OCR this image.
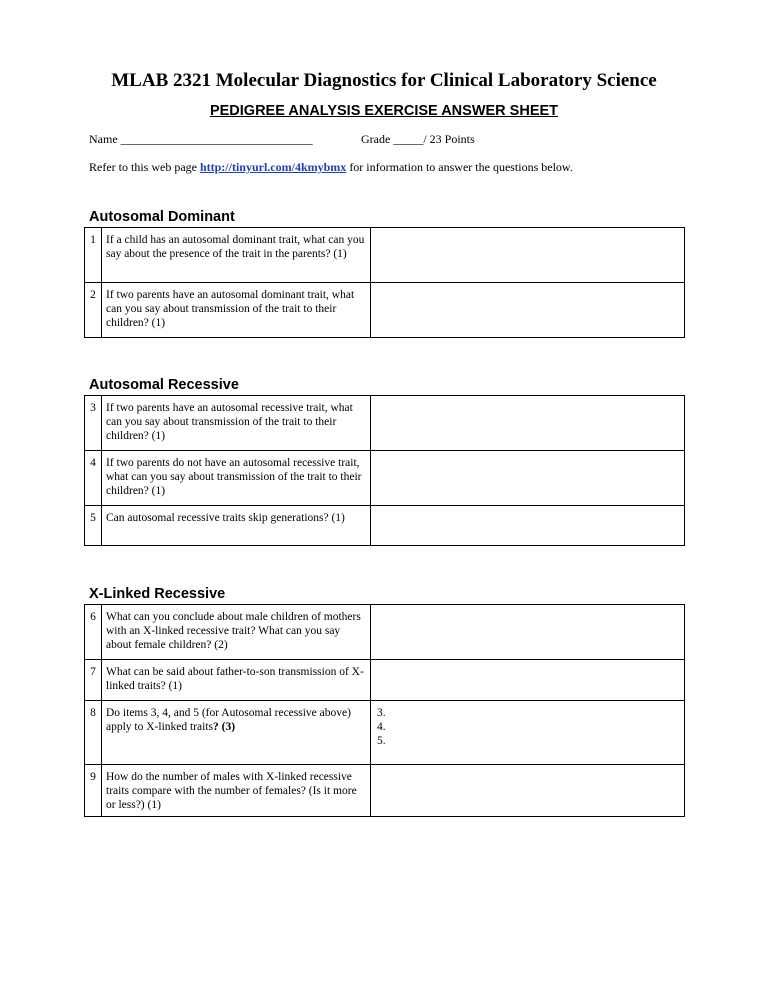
MLAB 2321 Molecular Diagnostics for Clinical Laboratory Science
PEDIGREE ANALYSIS EXERCISE ANSWER SHEET
Name ________________________________	Grade _____/ 23 Points
Refer to this web page http://tinyurl.com/4kmybmx for information to answer the questions below.
Autosomal Dominant
1	If a child has an autosomal dominant trait, what can you say about the presence of the trait in the parents? (1)	
2	If two parents have an autosomal dominant trait, what can you say about transmission of the trait to their children? (1)	
Autosomal Recessive
3	If two parents have an autosomal recessive trait, what can you say about transmission of the trait to their children? (1)	
4	If two parents do not have an autosomal recessive trait, what can you say about transmission of the trait to their children? (1)	
5	Can autosomal recessive traits skip generations? (1)	
X-Linked Recessive
6	What can you conclude about male children of mothers with an X-linked recessive trait? What can you say about female children? (2)	
7	What can be said about father-to-son transmission of X-linked traits? (1)	
8	Do items 3, 4, and 5 (for Autosomal recessive above) apply to X-linked traits? (3)	3.
4.
5.

9	How do the number of males with X-linked recessive traits compare with the number of females? (Is it more or less?) (1)	
